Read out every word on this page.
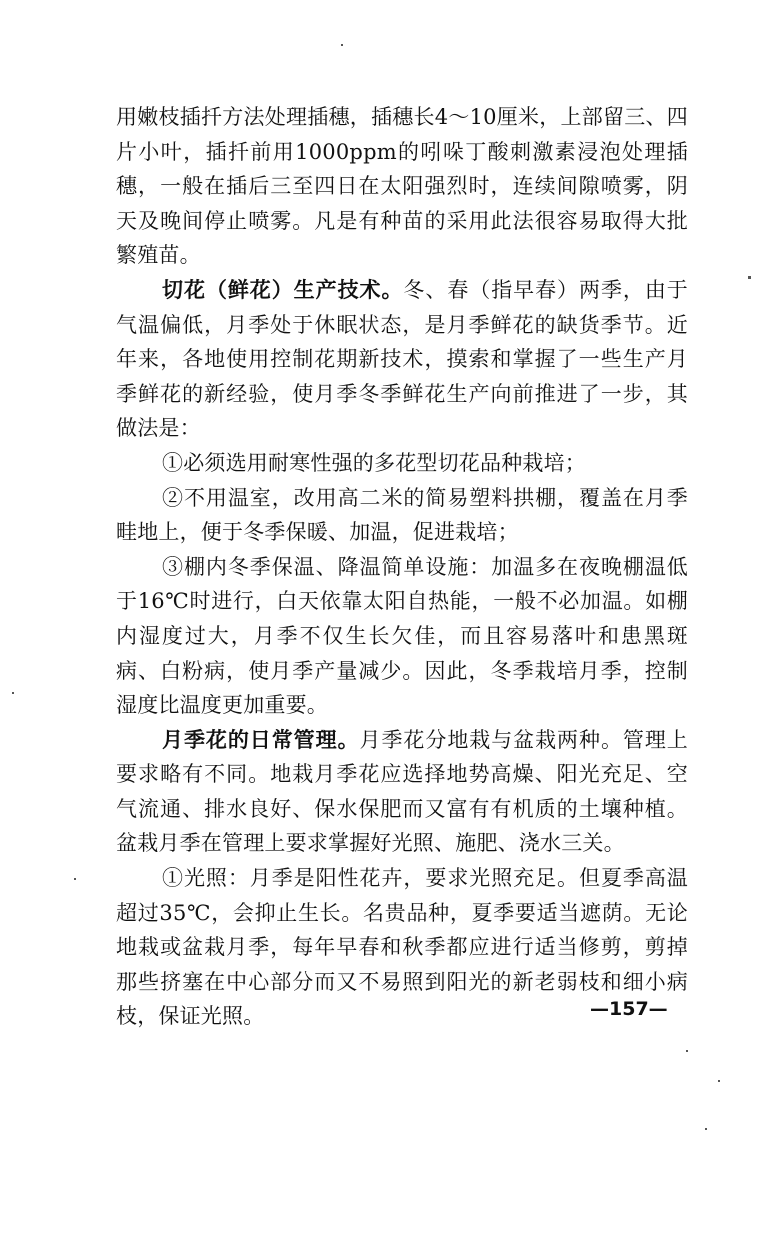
用嫩枝插扦方法处理插穗，插穗长4～10厘米，上部留三、四片小叶，插扦前用1000ppm的吲哚丁酸刺激素浸泡处理插穗，一般在插后三至四日在太阳强烈时，连续间隙喷雾，阴天及晚间停止喷雾。凡是有种苗的采用此法很容易取得大批繁殖苗。

切花（鲜花）生产技术。冬、春（指早春）两季，由于气温偏低，月季处于休眠状态，是月季鲜花的缺货季节。近年来，各地使用控制花期新技术，摸索和掌握了一些生产月季鲜花的新经验，使月季冬季鲜花生产向前推进了一步，其做法是：

①必须选用耐寒性强的多花型切花品种栽培；

②不用温室，改用高二米的简易塑料拱棚，覆盖在月季畦地上，便于冬季保暖、加温，促进栽培；

③棚内冬季保温、降温简单设施：加温多在夜晚棚温低于16℃时进行，白天依靠太阳自热能，一般不必加温。如棚内湿度过大，月季不仅生长欠佳，而且容易落叶和患黑斑病、白粉病，使月季产量减少。因此，冬季栽培月季，控制湿度比温度更加重要。

月季花的日常管理。月季花分地栽与盆栽两种。管理上要求略有不同。地栽月季花应选择地势高燥、阳光充足、空气流通、排水良好、保水保肥而又富有有机质的土壤种植。盆栽月季在管理上要求掌握好光照、施肥、浇水三关。

①光照：月季是阳性花卉，要求光照充足。但夏季高温超过35℃，会抑止生长。名贵品种，夏季要适当遮荫。无论地栽或盆栽月季，每年早春和秋季都应进行适当修剪，剪掉那些挤塞在中心部分而又不易照到阳光的新老弱枝和细小病枝，保证光照。	—157—
